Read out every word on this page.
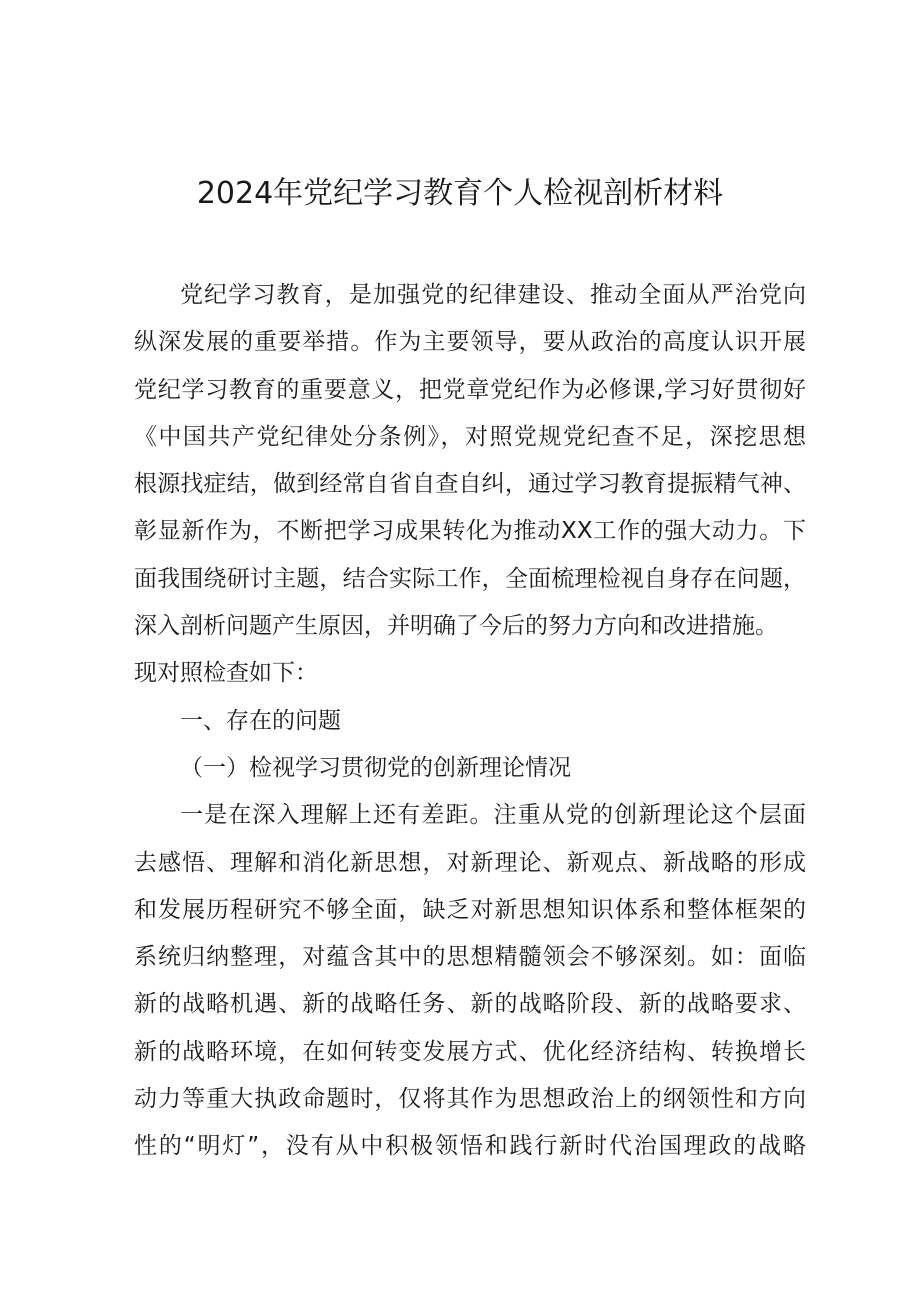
2024年党纪学习教育个人检视剖析材料
党纪学习教育，是加强党的纪律建设、推动全面从严治党向
纵深发展的重要举措。作为主要领导，要从政治的高度认识开展
党纪学习教育的重要意义，把党章党纪作为必修课,学习好贯彻好
《中国共产党纪律处分条例》，对照党规党纪查不足，深挖思想
根源找症结，做到经常自省自查自纠，通过学习教育提振精气神、
彰显新作为，不断把学习成果转化为推动XX工作的强大动力。下
面我围绕研讨主题，结合实际工作，全面梳理检视自身存在问题，
深入剖析问题产生原因，并明确了今后的努力方向和改进措施。
现对照检查如下：
一、存在的问题
（一）检视学习贯彻党的创新理论情况
一是在深入理解上还有差距。注重从党的创新理论这个层面
去感悟、理解和消化新思想，对新理论、新观点、新战略的形成
和发展历程研究不够全面，缺乏对新思想知识体系和整体框架的
系统归纳整理，对蕴含其中的思想精髓领会不够深刻。如：面临
新的战略机遇、新的战略任务、新的战略阶段、新的战略要求、
新的战略环境，在如何转变发展方式、优化经济结构、转换增长
动力等重大执政命题时，仅将其作为思想政治上的纲领性和方向
性的“明灯”，没有从中积极领悟和践行新时代治国理政的战略
